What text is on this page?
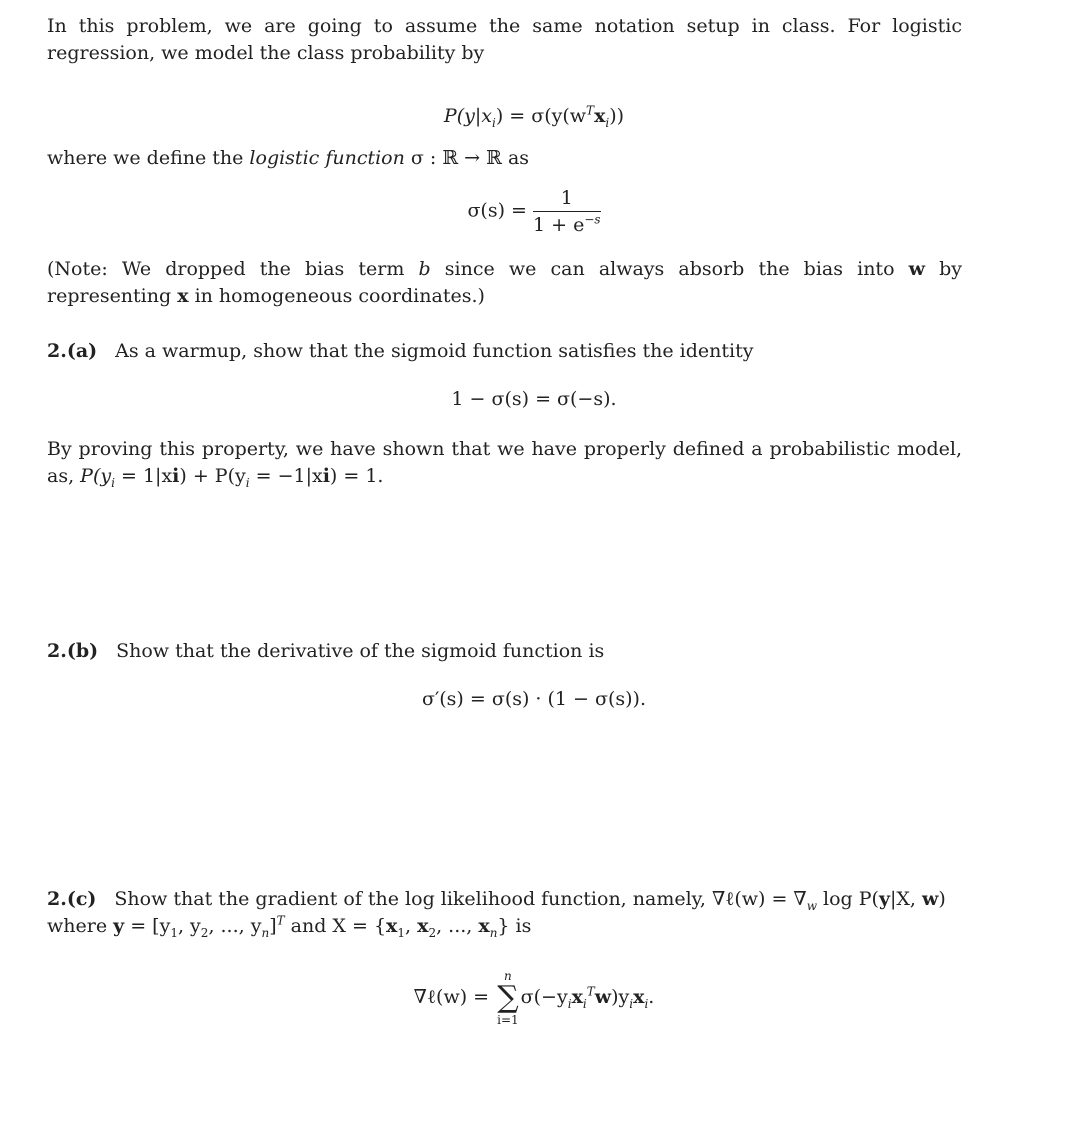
In this problem, we are going to assume the same notation setup in class. For logistic regression, we model the class probability by

$P(y|x_i) = \sigma(y(w^Tx_i))$

where we define the logistic function σ : ℝ → ℝ as

$\sigma(s) = \frac{1}{1 + e^{-s}}$

(Note: We dropped the bias term b since we can always absorb the bias into w by representing x in homogeneous coordinates.)

2.(a) As a warmup, show that the sigmoid function satisfies the identity
1 − σ(s) = σ(−s).

By proving this property, we have shown that we have properly defined a probabilistic model, as, $P(y_i = 1|xi) + P(y_i = -1|xi) = 1$.

2.(b) Show that the derivative of the sigmoid function is
σ′(s) = σ(s) · (1 − σ(s)).

2.(c) Show that the gradient of the log likelihood function, namely, ∇ℓ(w) = $\nabla_w$ log P(y|X, w)
where $y = [y_1$, $y_2$, ..., $y_n]^T$ and $X = \{x_1$, $x_2$, ..., $x_n$} is

∇ℓ(w) =
n
∑
i=1
$\sigma(-y_ix_i^Tw)y_ix_i$.
